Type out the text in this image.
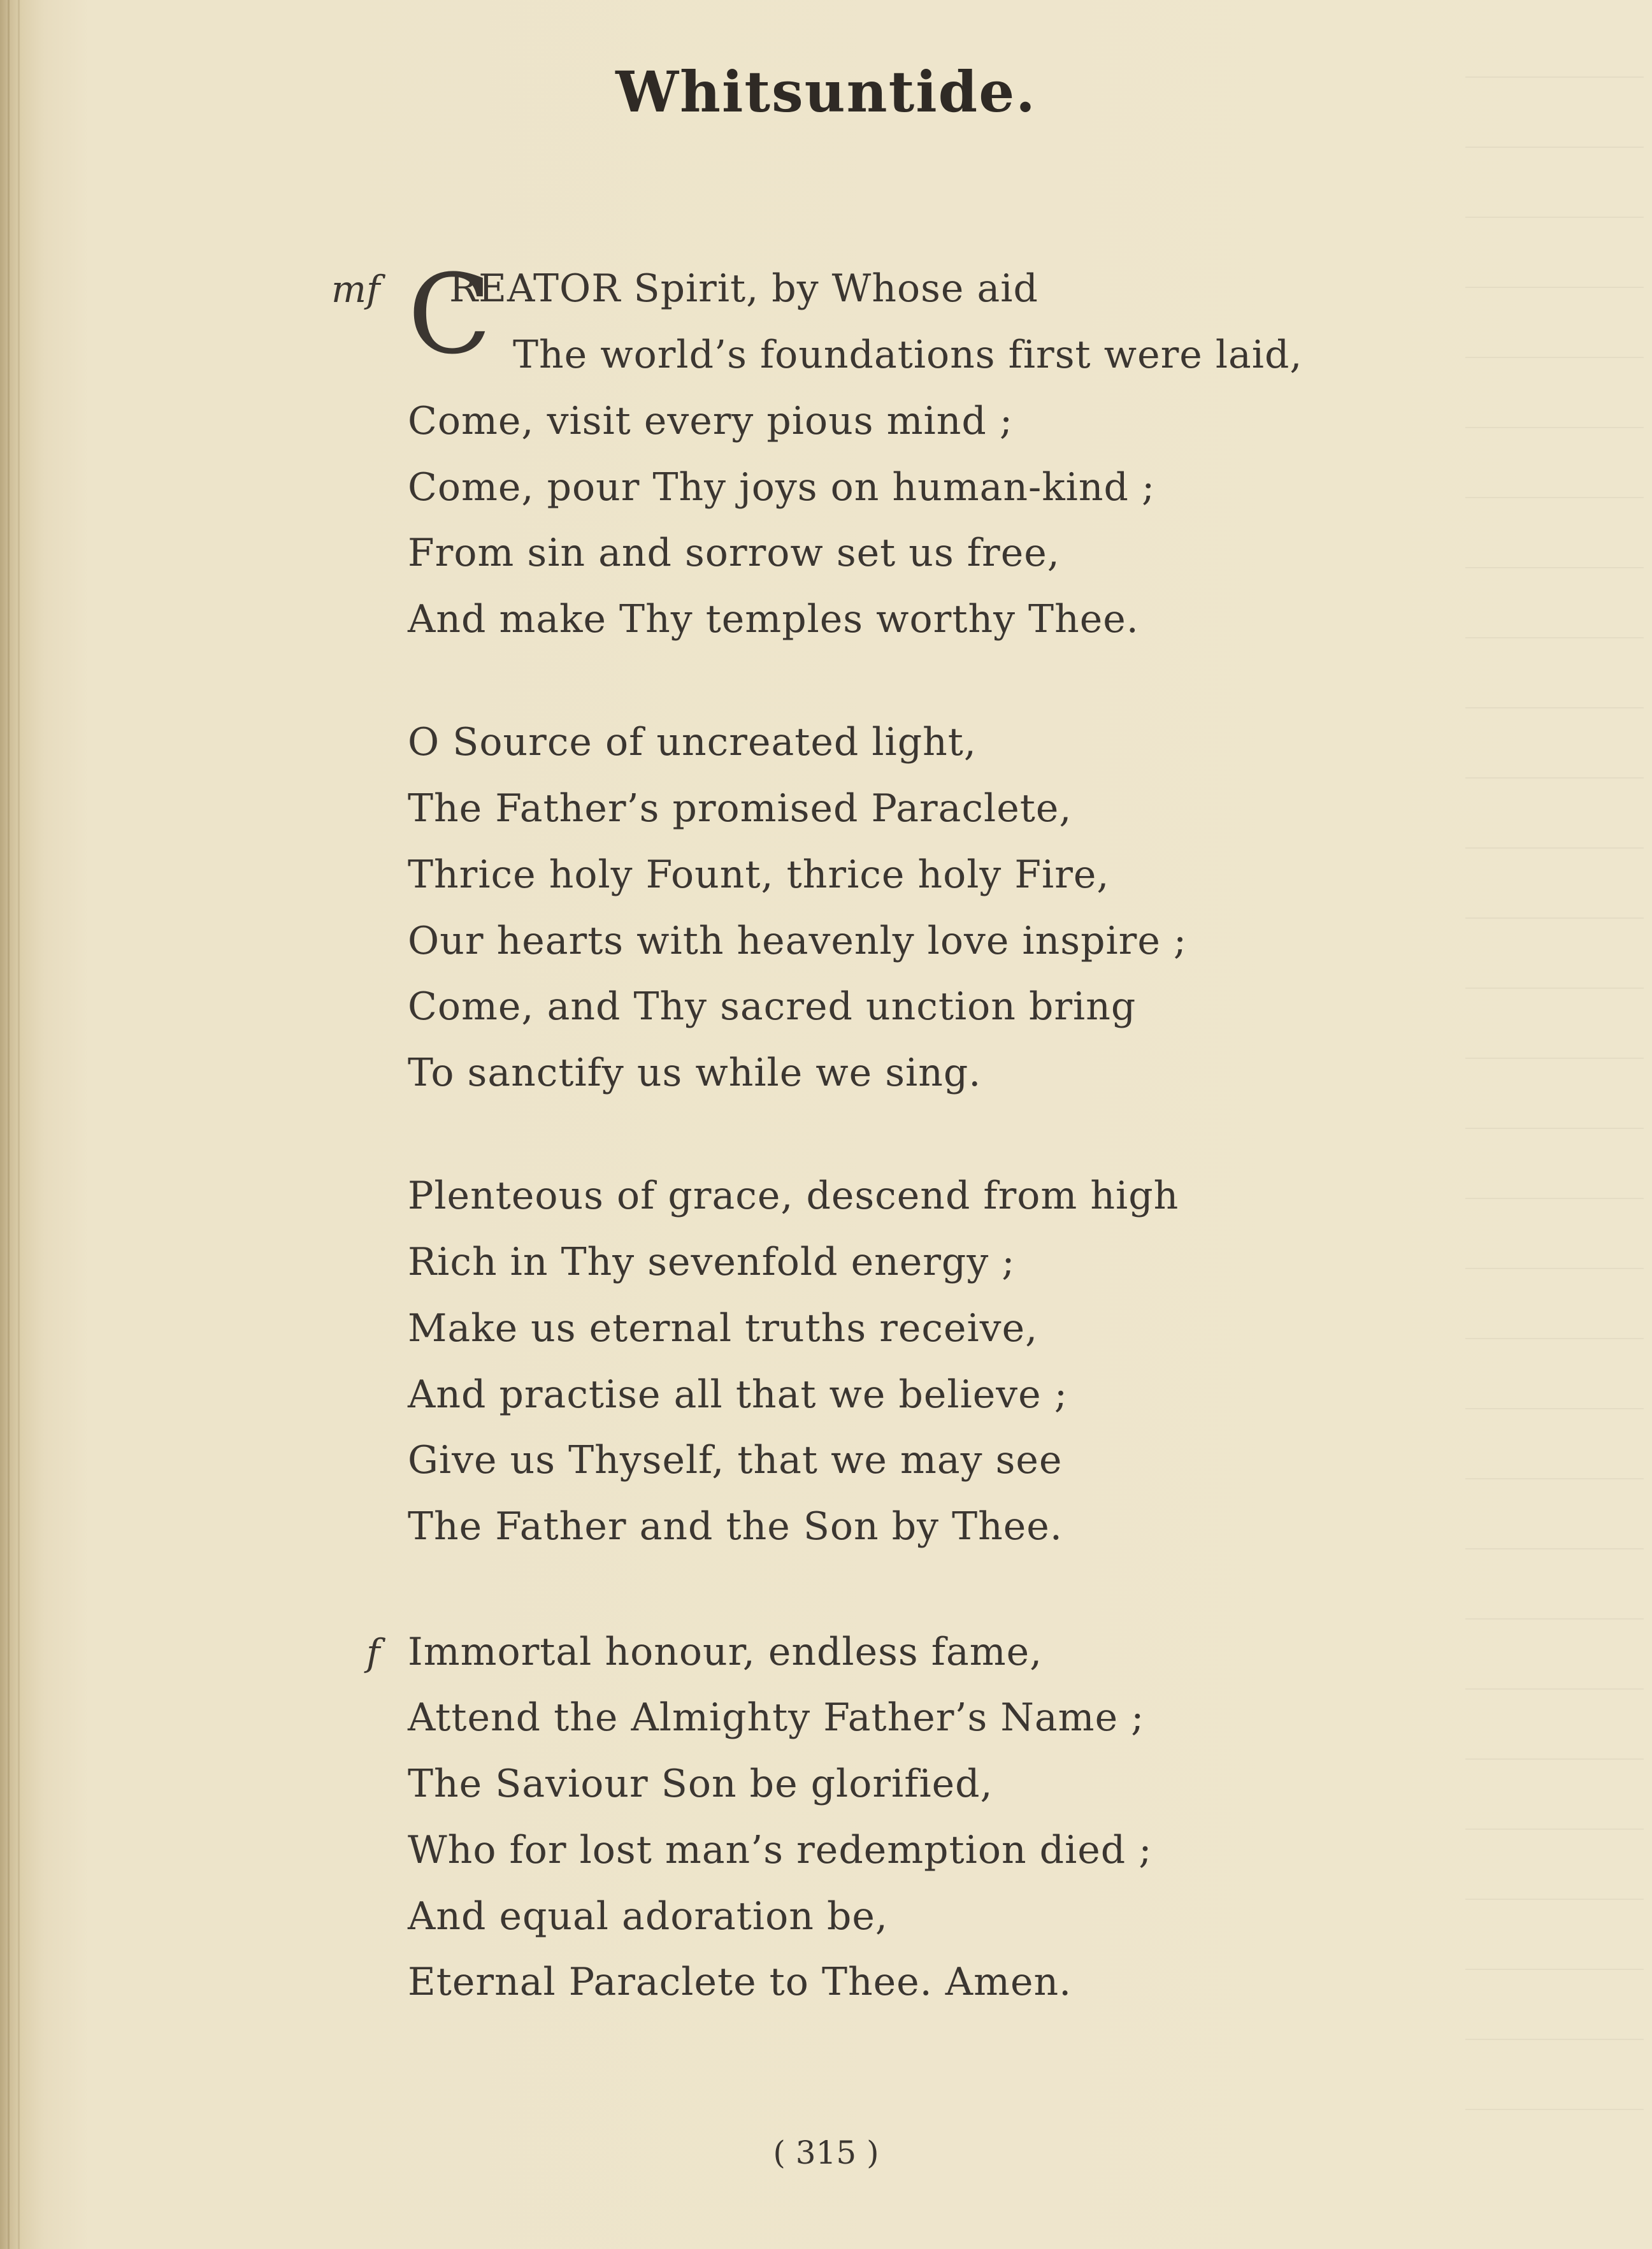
Whitsuntide.
mf C
REATOR Spirit, by Whose aid
The world’s foundations first were laid,
Come, visit every pious mind ;
Come, pour Thy joys on human-kind ;
From sin and sorrow set us free,
And make Thy temples worthy Thee.
O Source of uncreated light,
The Father’s promised Paraclete,
Thrice holy Fount, thrice holy Fire,
Our hearts with heavenly love inspire ;
Come, and Thy sacred unction bring
To sanctify us while we sing.
Plenteous of grace, descend from high
Rich in Thy sevenfold energy ;
Make us eternal truths receive,
And practise all that we believe ;
Give us Thyself, that we may see
The Father and the Son by Thee.
f Immortal honour, endless fame,
Attend the Almighty Father’s Name ;
The Saviour Son be glorified,
Who for lost man’s redemption died ;
And equal adoration be,
Eternal Paraclete to Thee. Amen.
( 315 )
